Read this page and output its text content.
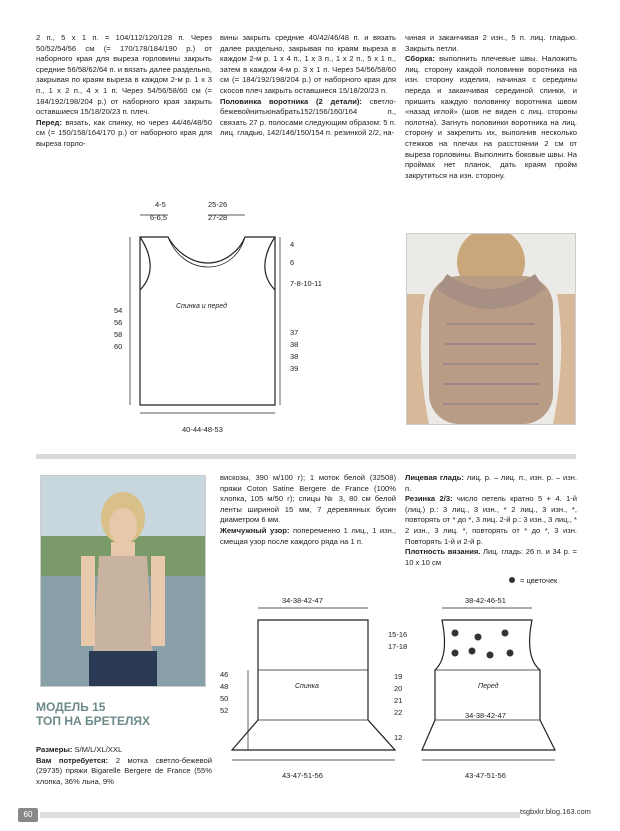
2 п., 5 х 1 п. = 104/112/120/128 п. Через 50/52/54/56 см (= 170/178/184/190 р.) от наборного края для выреза горловины закрыть средние 56/58/62/64 п. и вязать далее раздельно, закрывая по краям выреза в каждом 2-м р. 1 х 3 п., 1 х 2 п., 4 х 1 п. Через 54/56/58/60 см (= 184/192/198/204 р.) от наборного края закрыть оставшиеся 15/18/20/23 п. плеч.

Перед: вязать, как спинку, но через 44/46/48/50 см (= 150/158/164/170 р.) от наборного края для выреза горло-

вины закрыть средние 40/42/46/48 п. и вязать далее раздельно, закрывая по краям выреза в каждом 2-м р. 1 х 4 п., 1 х 3 п., 1 х 2 п., 5 х 1 п., затем в каждом 4-м р. 3 х 1 п. Через 54/56/58/60 см (= 184/192/198/204 р.) от наборного края для скосов плеч закрыть оставшиеся 15/18/20/23 п.

Половинка воротника (2 детали): светло-бежевойнитьюнабрать152/156/160/164 п., связать 27 р. полосами следующим образом: 5 п. лиц. гладью, 142/146/150/154 п. резинкой 2/2, на-

чиная и заканчивая 2 изн., 5 п. лиц. гладью. Закрыть петли.

Сборка: выполнить плечевые швы. Наложить лиц. сторону каждой половинки воротника на изн. сторону изделия, начиная с середины переда и заканчивая серединой спинки, и пришить каждую половинку воротника швом «назад иглой» (шов не виден с лиц. стороны полотна). Загнуть половинки воротника на лиц. сторону и закрепить их, выполнив несколько стежков на плечах на расстоянии 2 см от выреза горловины. Выполнить боковые швы. На проймах нет планок, дать краям пройм закрутиться на изн. сторону.

4-5
6-6,5
25-26
27-28
4
6
7-8-10-11
Спинка и перед
54
56
58
60
37
38
38
39
40-44-48-53
МОДЕЛЬ 15
ТОП НА БРЕТЕЛЯХ

Размеры: S/M/L/XL/XXL

Вам потребуется: 2 мотка светло-бежевой (29735) пряжи Bigarelle Bergere de France (55% хлопка, 36% льна, 9%

вискозы, 390 м/100 г); 1 моток белой (32508) пряжи Coton Satine Bergere de France (100% хлопка, 105 м/50 г); спицы № 3, 80 см белой ленты шириной 15 мм, 7 деревянных бусин диаметром 6 мм.

Жемчужный узор: попеременно 1 лиц., 1 изн., смещая узор после каждого ряда на 1 п.

Лицевая гладь: лиц. р. – лиц. п., изн. р. – изн. п.

Резинка 2/3: число петель кратно 5 + 4. 1-й (лиц.) р.: 3 лиц., 3 изн., * 2 лиц., 3 изн., *, повторять от * до *, 3 лиц. 2-й р.: 3 изн., 3 лиц., * 2 изн., 3 лиц. *, повторять от * до *, 3 изн. Повторять 1-й и 2-й р.

Плотность вязания. Лиц. гладь: 26 п. и 34 р. = 10 х 10 см

= цветочек
34-38-42-47
Спинка
46
48
50
52
43-47-51-56
15-16
17-18
19
20
21
22
12
38-42-46-51
Перед
34-38-42-47
43-47-51-56
60	tsgbxkr.blog.163.com
